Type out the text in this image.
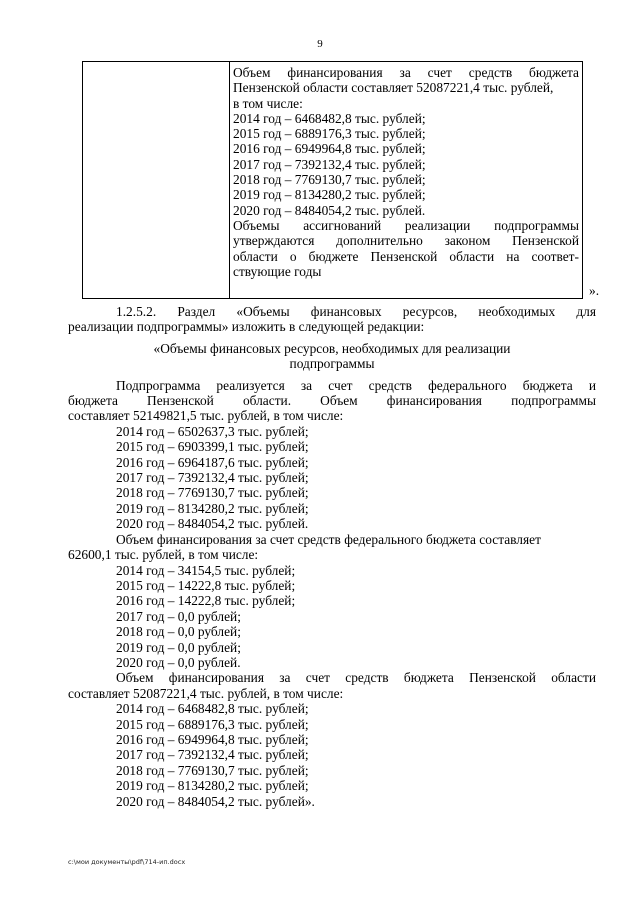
9

Объем финансирования за счет средств бюджета
Пензенской области составляет 52087221,4 тыс. рублей,
в том числе:
2014 год – 6468482,8 тыс. рублей;
2015 год – 6889176,3 тыс. рублей;
2016 год – 6949964,8 тыс. рублей;
2017 год – 7392132,4 тыс. рублей;
2018 год – 7769130,7 тыс. рублей;
2019 год – 8134280,2 тыс. рублей;
2020 год – 8484054,2 тыс. рублей.
Объемы ассигнований реализации подпрограммы
утверждаются дополнительно законом Пензенской
области о бюджете Пензенской области на соответ-
ствующие годы
».
1.2.5.2. Раздел «Объемы финансовых ресурсов, необходимых для
реализации подпрограммы» изложить в следующей редакции:
«Объемы финансовых ресурсов, необходимых для реализации
подпрограммы
Подпрограмма реализуется за счет средств федерального бюджета и
бюджета Пензенской области. Объем финансирования подпрограммы
составляет 52149821,5 тыс. рублей, в том числе:
2014 год – 6502637,3 тыс. рублей;
2015 год – 6903399,1 тыс. рублей;
2016 год – 6964187,6 тыс. рублей;
2017 год – 7392132,4 тыс. рублей;
2018 год – 7769130,7 тыс. рублей;
2019 год – 8134280,2 тыс. рублей;
2020 год – 8484054,2 тыс. рублей.
Объем финансирования за счет средств федерального бюджета составляет
62600,1 тыс. рублей, в том числе:
2014 год – 34154,5 тыс. рублей;
2015 год – 14222,8 тыс. рублей;
2016 год – 14222,8 тыс. рублей;
2017 год – 0,0 рублей;
2018 год – 0,0 рублей;
2019 год – 0,0 рублей;
2020 год – 0,0 рублей.
Объем финансирования за счет средств бюджета Пензенской области
составляет 52087221,4 тыс. рублей, в том числе:
2014 год – 6468482,8 тыс. рублей;
2015 год – 6889176,3 тыс. рублей;
2016 год – 6949964,8 тыс. рублей;
2017 год – 7392132,4 тыс. рублей;
2018 год – 7769130,7 тыс. рублей;
2019 год – 8134280,2 тыс. рублей;
2020 год – 8484054,2 тыс. рублей».
c:\мои документы\pdf\714-ип.docx
